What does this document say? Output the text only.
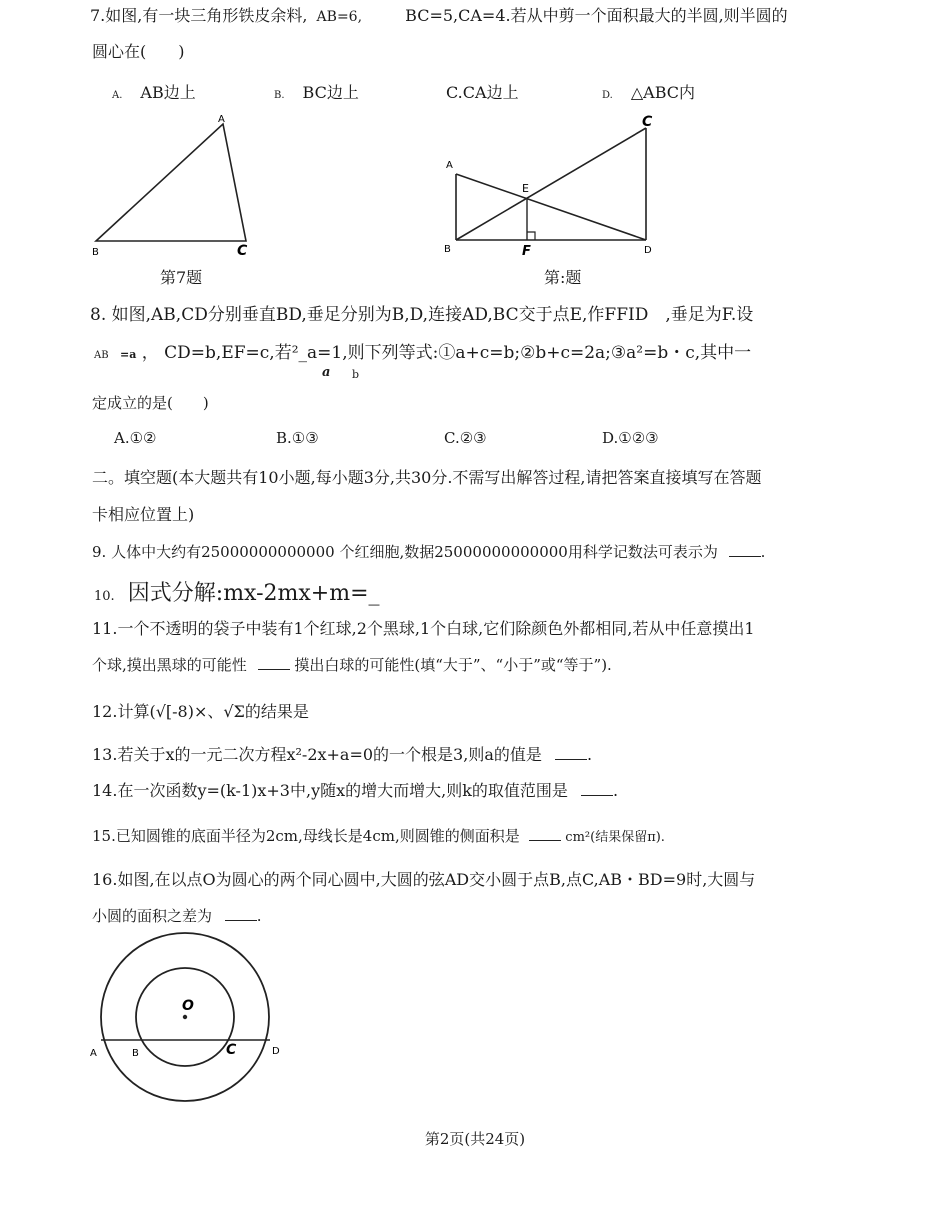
7.如图,有一块三角形铁皮余料, AB=6,	BC=5,CA=4.若从中剪一个面积最大的半圆,则半圆的
圆心在(　　)
A. AB边上	B. BC边上	C.CA边上	D. △ABC内
A
B	C
第7题
A
B
C
D
E
F
第:题
8. 如图,AB,CD分别垂直BD,垂足分别为B,D,连接AD,BC交于点E,作FFID　,垂足为F.设
AB =a ， CD=b,EF=c,若²_a=1,则下列等式:①a+c=b;②b+c=2a;③a²=b・c,其中一
a b
定成立的是(　　)
A.①②	B.①③	C.②③	D.①②③
二。填空题(本大题共有10小题,每小题3分,共30分.不需写出解答过程,请把答案直接填写在答题
卡相应位置上)
9. 人体中大约有25000000000000 个红细胞,数据25000000000000用科学记数法可表示为	.
10. 因式分解:mx-2mx+m=_
11.一个不透明的袋子中装有1个红球,2个黑球,1个白球,它们除颜色外都相同,若从中任意摸出1
个球,摸出黑球的可能性	摸出白球的可能性(填“大于”、“小于”或“等于”).
12.计算(√[-8)×、√Σ的结果是
13.若关于x的一元二次方程x²-2x+a=0的一个根是3,则a的值是	.
14.在一次函数y=(k-1)x+3中,y随x的增大而增大,则k的取值范围是	.
15.已知圆锥的底面半径为2cm,母线长是4cm,则圆锥的侧面积是	cm²(结果保留π).
16.如图,在以点O为圆心的两个同心圆中,大圆的弦AD交小圆于点B,点C,AB・BD=9时,大圆与
小圆的面积之差为	.
O
A	B	C	D
第2页(共24页)
